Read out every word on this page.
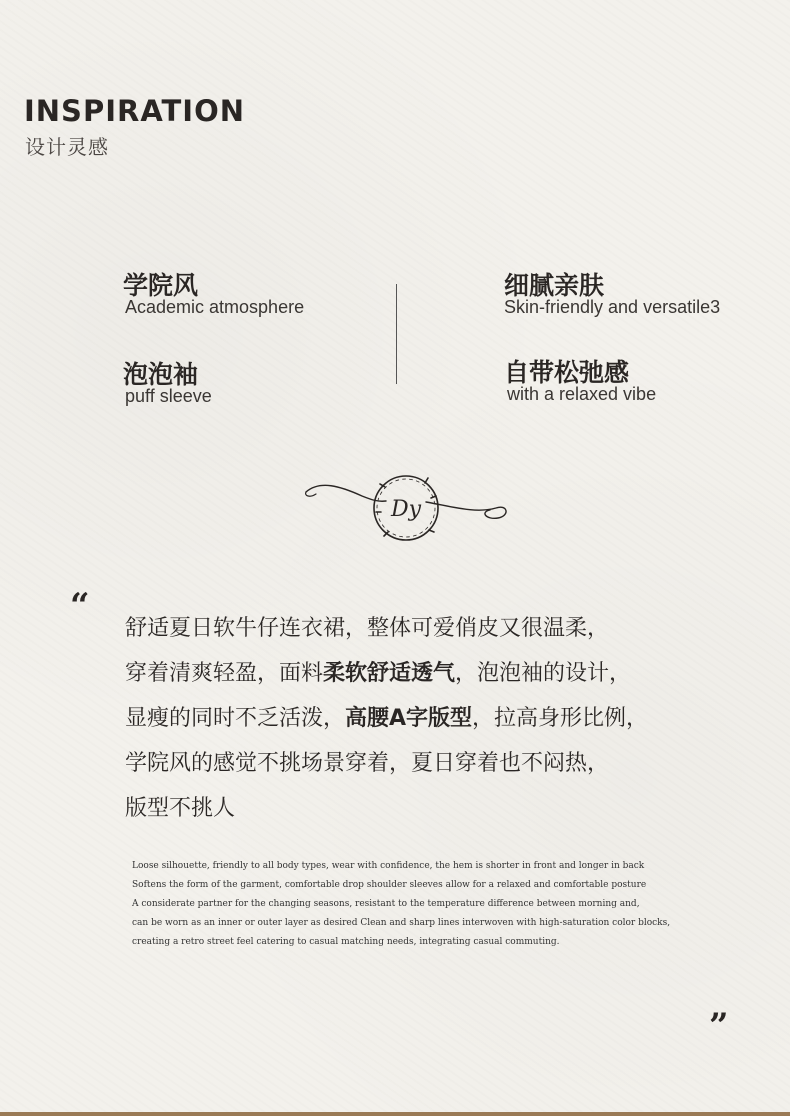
INSPIRATION
设计灵感
学院风
Academic atmosphere
细腻亲肤
Skin-friendly and versatile3
泡泡袖
puff sleeve
自带松弛感
with a relaxed vibe
Dy
“
舒适夏日软牛仔连衣裙，整体可爱俏皮又很温柔，
穿着清爽轻盈，面料柔软舒适透气，泡泡袖的设计，
显瘦的同时不乏活泼，高腰A字版型，拉高身形比例，
学院风的感觉不挑场景穿着，夏日穿着也不闷热，
版型不挑人
Loose silhouette, friendly to all body types, wear with confidence, the hem is shorter in front and longer in back
Softens the form of the garment, comfortable drop shoulder sleeves allow for a relaxed and comfortable posture
A considerate partner for the changing seasons, resistant to the temperature difference between morning and,
can be worn as an inner or outer layer as desired Clean and sharp lines interwoven with high-saturation color blocks,
creating a retro street feel catering to casual matching needs, integrating casual commuting.
”
